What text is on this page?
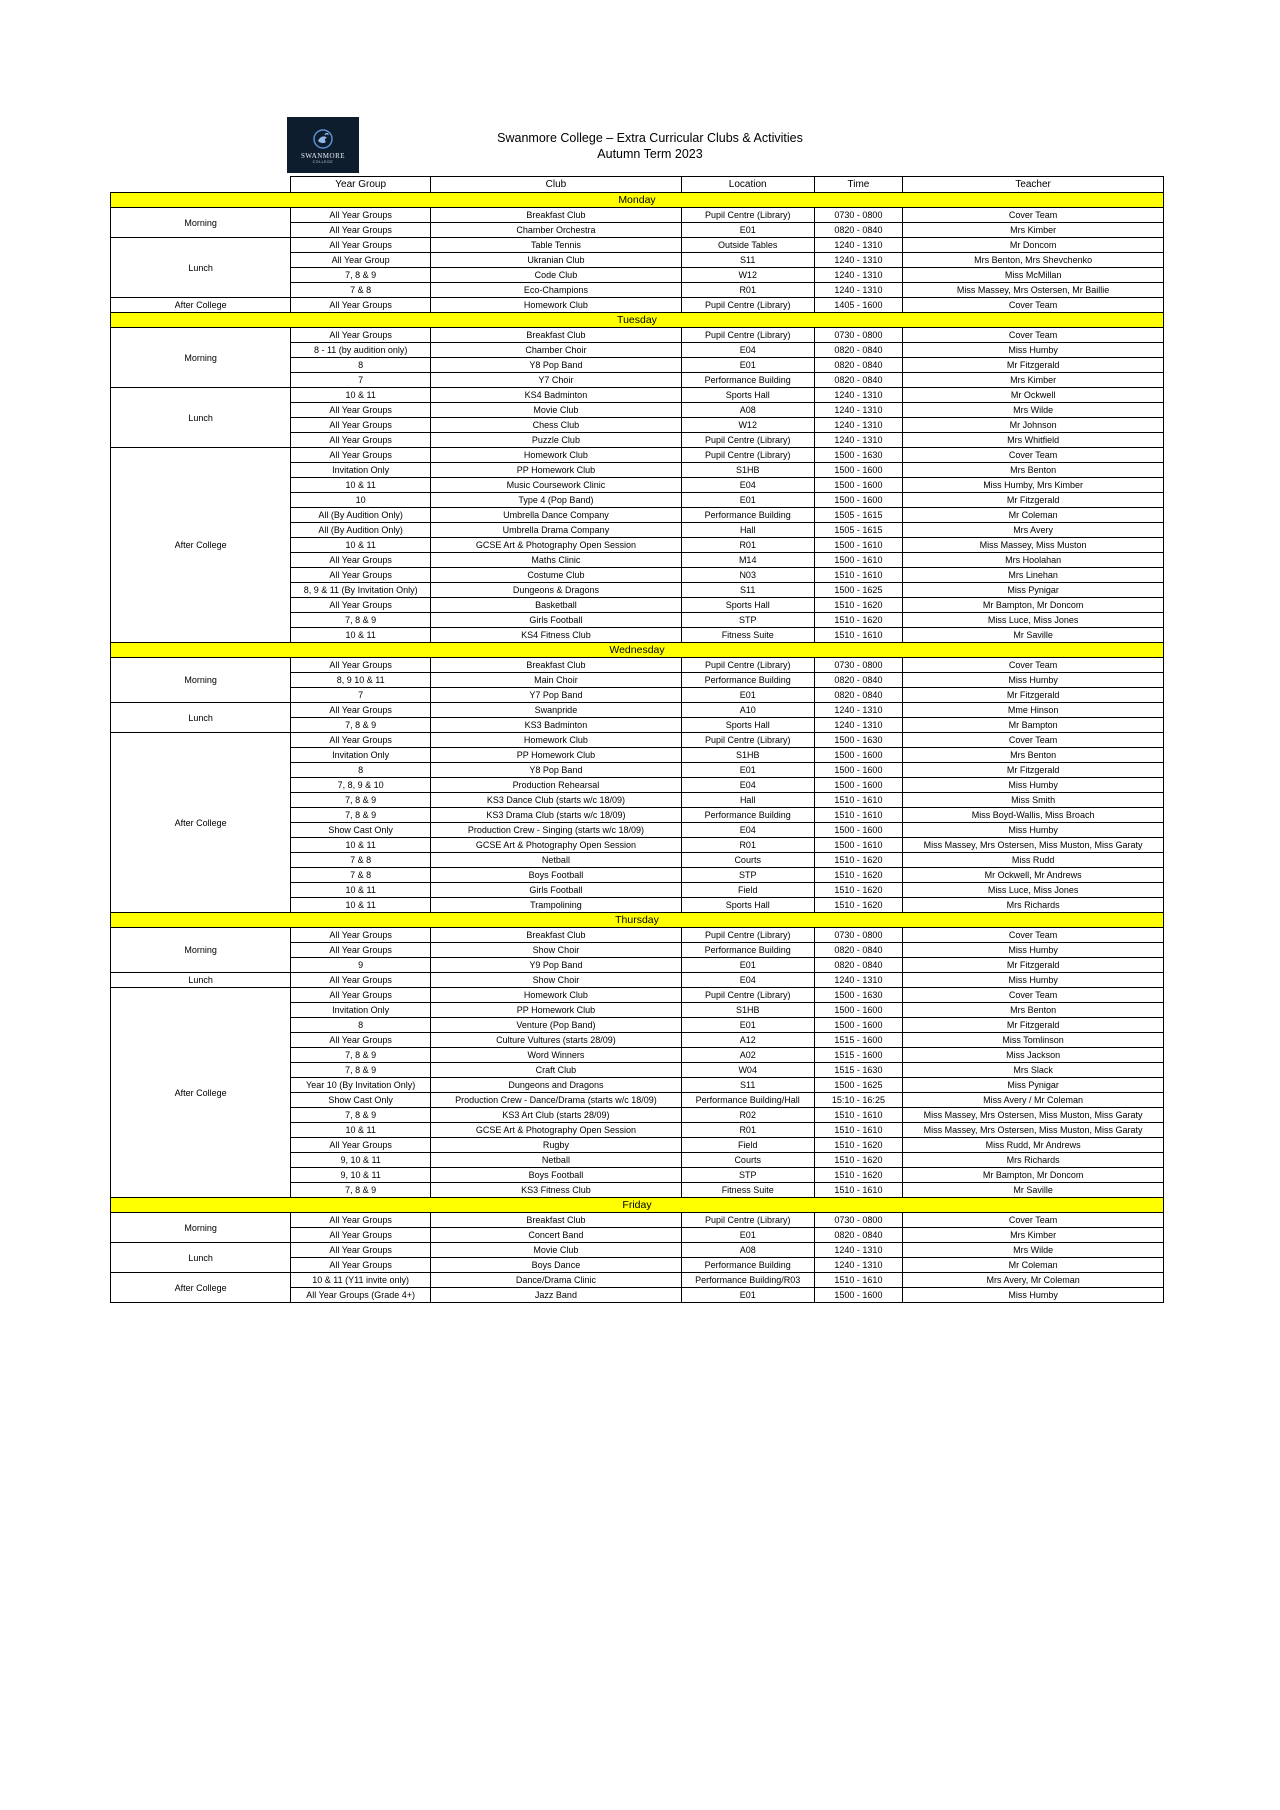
SWANMORE
COLLEGE
Swanmore College – Extra Curricular Clubs & Activities
Autumn Term 2023
	Year Group	Club	Location	Time	Teacher
Monday					
Morning	All Year Groups	Breakfast Club	Pupil Centre (Library)	0730 - 0800	Cover Team
	All Year Groups	Chamber Orchestra	E01	0820 - 0840	Mrs Kimber
Lunch	All Year Groups	Table Tennis	Outside Tables	1240 - 1310	Mr Doncom
	All Year Group	Ukranian Club	S11	1240 - 1310	Mrs Benton, Mrs Shevchenko
	7, 8 & 9	Code Club	W12	1240 - 1310	Miss McMillan
	7 & 8	Eco-Champions	R01	1240 - 1310	Miss Massey, Mrs Ostersen, Mr Baillie
After College	All Year Groups	Homework Club	Pupil Centre (Library)	1405 - 1600	Cover Team
Tuesday					
Morning	All Year Groups	Breakfast Club	Pupil Centre (Library)	0730 - 0800	Cover Team
	8 - 11 (by audition only)	Chamber Choir	E04	0820 - 0840	Miss Humby
	8	Y8 Pop Band	E01	0820 - 0840	Mr Fitzgerald
	7	Y7 Choir	Performance Building	0820 - 0840	Mrs Kimber
Lunch	10 & 11	KS4 Badminton	Sports Hall	1240 - 1310	Mr Ockwell
	All Year Groups	Movie Club	A08	1240 - 1310	Mrs Wilde
	All Year Groups	Chess Club	W12	1240 - 1310	Mr Johnson
	All Year Groups	Puzzle Club	Pupil Centre (Library)	1240 - 1310	Mrs Whitfield
After College	All Year Groups	Homework Club	Pupil Centre (Library)	1500 - 1630	Cover Team
	Invitation Only	PP Homework Club	S1HB	1500 - 1600	Mrs Benton
	10 & 11	Music Coursework Clinic	E04	1500 - 1600	Miss Humby, Mrs Kimber
	10	Type 4 (Pop Band)	E01	1500 - 1600	Mr Fitzgerald
	All (By Audition Only)	Umbrella Dance Company	Performance Building	1505 - 1615	Mr Coleman
	All (By Audition Only)	Umbrella Drama Company	Hall	1505 - 1615	Mrs Avery
	10 & 11	GCSE Art & Photography Open Session	R01	1500 - 1610	Miss Massey, Miss Muston
	All Year Groups	Maths Clinic	M14	1500 - 1610	Mrs Hoolahan
	All Year Groups	Costume Club	N03	1510 - 1610	Mrs Linehan
	8, 9 & 11 (By Invitation Only)	Dungeons & Dragons	S11	1500 - 1625	Miss Pynigar
	All Year Groups	Basketball	Sports Hall	1510 - 1620	Mr Bampton, Mr Doncom
	7, 8 & 9	Girls Football	STP	1510 - 1620	Miss Luce, Miss Jones
	10 & 11	KS4 Fitness Club	Fitness Suite	1510 - 1610	Mr Saville
Wednesday					
Morning	All Year Groups	Breakfast Club	Pupil Centre (Library)	0730 - 0800	Cover Team
	8, 9 10 & 11	Main Choir	Performance Building	0820 - 0840	Miss Humby
	7	Y7 Pop Band	E01	0820 - 0840	Mr Fitzgerald
Lunch	All Year Groups	Swanpride	A10	1240 - 1310	Mme Hinson
	7, 8 & 9	KS3 Badminton	Sports Hall	1240 - 1310	Mr Bampton
After College	All Year Groups	Homework Club	Pupil Centre (Library)	1500 - 1630	Cover Team
	Invitation Only	PP Homework Club	S1HB	1500 - 1600	Mrs Benton
	8	Y8 Pop Band	E01	1500 - 1600	Mr Fitzgerald
	7, 8, 9 & 10	Production Rehearsal	E04	1500 - 1600	Miss Humby
	7, 8 & 9	KS3 Dance Club (starts w/c 18/09)	Hall	1510 - 1610	Miss Smith
	7, 8 & 9	KS3 Drama Club (starts w/c 18/09)	Performance Building	1510 - 1610	Miss Boyd-Wallis, Miss Broach
	Show Cast Only	Production Crew - Singing (starts w/c 18/09)	E04	1500 - 1600	Miss Humby
	10 & 11	GCSE Art & Photography Open Session	R01	1500 - 1610	Miss Massey, Mrs Ostersen, Miss Muston, Miss Garaty
	7 & 8	Netball	Courts	1510 - 1620	Miss Rudd
	7 & 8	Boys Football	STP	1510 - 1620	Mr Ockwell, Mr Andrews
	10 & 11	Girls Football	Field	1510 - 1620	Miss Luce, Miss Jones
	10 & 11	Trampolining	Sports Hall	1510 - 1620	Mrs Richards
Thursday					
Morning	All Year Groups	Breakfast Club	Pupil Centre (Library)	0730 - 0800	Cover Team
	All Year Groups	Show Choir	Performance Building	0820 - 0840	Miss Humby
	9	Y9 Pop Band	E01	0820 - 0840	Mr Fitzgerald
Lunch	All Year Groups	Show Choir	E04	1240 - 1310	Miss Humby
After College	All Year Groups	Homework Club	Pupil Centre (Library)	1500 - 1630	Cover Team
	Invitation Only	PP Homework Club	S1HB	1500 - 1600	Mrs Benton
	8	Venture (Pop Band)	E01	1500 - 1600	Mr Fitzgerald
	All Year Groups	Culture Vultures (starts 28/09)	A12	1515 - 1600	Miss Tomlinson
	7, 8 & 9	Word Winners	A02	1515 - 1600	Miss Jackson
	7, 8 & 9	Craft Club	W04	1515 - 1630	Mrs Slack
	Year 10 (By Invitation Only)	Dungeons and Dragons	S11	1500 - 1625	Miss Pynigar
	Show Cast Only	Production Crew - Dance/Drama (starts w/c 18/09)	Performance Building/Hall	15:10 - 16:25	Miss Avery / Mr Coleman
	7, 8 & 9	KS3 Art Club (starts 28/09)	R02	1510 - 1610	Miss Massey, Mrs Ostersen, Miss Muston, Miss Garaty
	10 & 11	GCSE Art & Photography Open Session	R01	1510 - 1610	Miss Massey, Mrs Ostersen, Miss Muston, Miss Garaty
	All Year Groups	Rugby	Field	1510 - 1620	Miss Rudd, Mr Andrews
	9, 10 & 11	Netball	Courts	1510 - 1620	Mrs Richards
	9, 10 & 11	Boys Football	STP	1510 - 1620	Mr Bampton, Mr Doncom
	7, 8 & 9	KS3 Fitness Club	Fitness Suite	1510 - 1610	Mr Saville
Friday					
Morning	All Year Groups	Breakfast Club	Pupil Centre (Library)	0730 - 0800	Cover Team
	All Year Groups	Concert Band	E01	0820 - 0840	Mrs Kimber
Lunch	All Year Groups	Movie Club	A08	1240 - 1310	Mrs Wilde
	All Year Groups	Boys Dance	Performance Building	1240 - 1310	Mr Coleman
After College	10 & 11 (Y11 invite only)	Dance/Drama Clinic	Performance Building/R03	1510 - 1610	Mrs Avery, Mr Coleman
	All Year Groups (Grade 4+)	Jazz Band	E01	1500 - 1600	Miss Humby
